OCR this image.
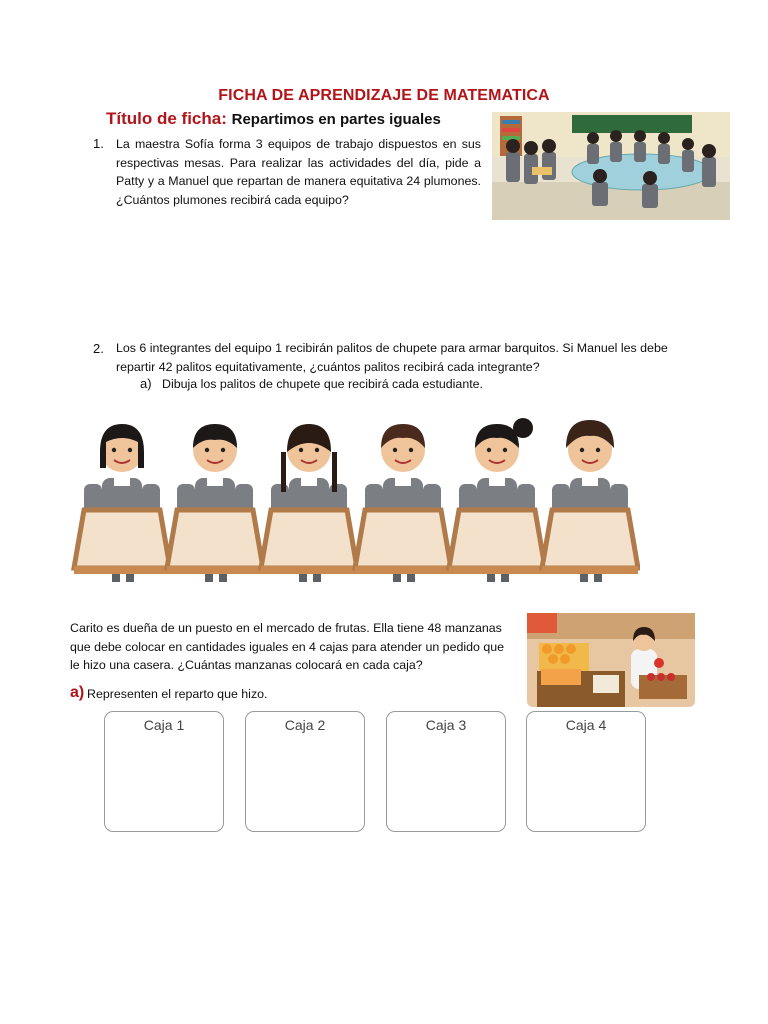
FICHA DE APRENDIZAJE DE MATEMATICA
Título de ficha: Repartimos en partes iguales
1. La maestra Sofía forma 3 equipos de trabajo dispuestos en sus respectivas mesas. Para realizar las actividades del día, pide a Patty y a Manuel que repartan de manera equitativa 24 plumones. ¿Cuántos plumones recibirá cada equipo?
2. Los 6 integrantes del equipo 1 recibirán palitos de chupete para armar barquitos. Si Manuel les debe repartir 42 palitos equitativamente, ¿cuántos palitos recibirá cada integrante?
a) Dibuja los palitos de chupete que recibirá cada estudiante.
Carito es dueña de un puesto en el mercado de frutas. Ella tiene 48 manzanas que debe colocar en cantidades iguales en 4 cajas para atender un pedido que le hizo una casera. ¿Cuántas manzanas colocará en cada caja?
a) Representen el reparto que hizo.
Caja 1	Caja 2	Caja 3	Caja 4
